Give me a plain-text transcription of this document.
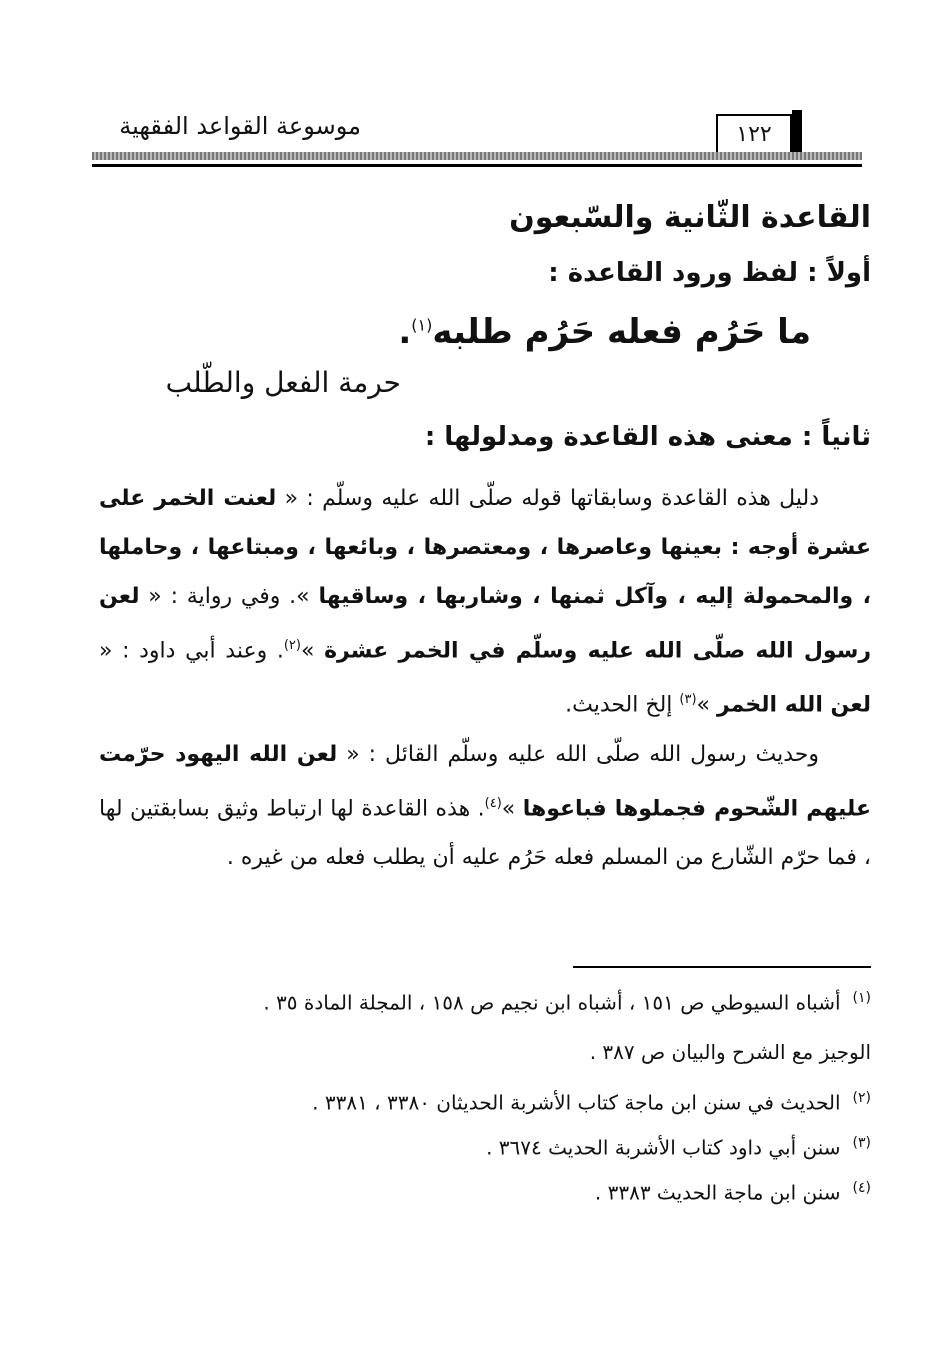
موسوعة القواعد الفقهية	١٢٢
القاعدة الثّانية والسّبعون
أولاً : لفظ ورود القاعدة :
ما حَرُم فعله حَرُم طلبه$^{(١)}$.
حرمة الفعل والطّلب
ثانياً : معنى هذه القاعدة ومدلولها :
دليل هذه القاعدة وسابقاتها قوله صلّى الله عليه وسلّم : « لعنت الخمر على عشرة أوجه : بعينها وعاصرها ، ومعتصرها ، وبائعها ، ومبتاعها ، وحاملها ، والمحمولة إليه ، وآكل ثمنها ، وشاربها ، وساقيها ». وفي رواية : « لعن رسول الله صلّى الله عليه وسلّم في الخمر عشرة »$^{(٢)}$. وعند أبي داود : « لعن الله الخمر »$^{(٣)}$ إلخ الحديث.
وحديث رسول الله صلّى الله عليه وسلّم القائل : « لعن الله اليهود حرّمت عليهم الشّحوم فجملوها فباعوها »$^{(٤)}$. هذه القاعدة لها ارتباط وثيق بسابقتين لها ، فما حرّم الشّارع من المسلم فعله حَرُم عليه أن يطلب فعله من غيره .
$^{(١)}$أشباه السيوطي ص ١٥١ ، أشباه ابن نجيم ص ١٥٨ ، المجلة المادة ٣٥ .
الوجيز مع الشرح والبيان ص ٣٨٧ .
$^{(٢)}$الحديث في سنن ابن ماجة كتاب الأشربة الحديثان ٣٣٨٠ ، ٣٣٨١ .
$^{(٣)}$سنن أبي داود كتاب الأشربة الحديث ٣٦٧٤ .
$^{(٤)}$سنن ابن ماجة الحديث ٣٣٨٣ .
